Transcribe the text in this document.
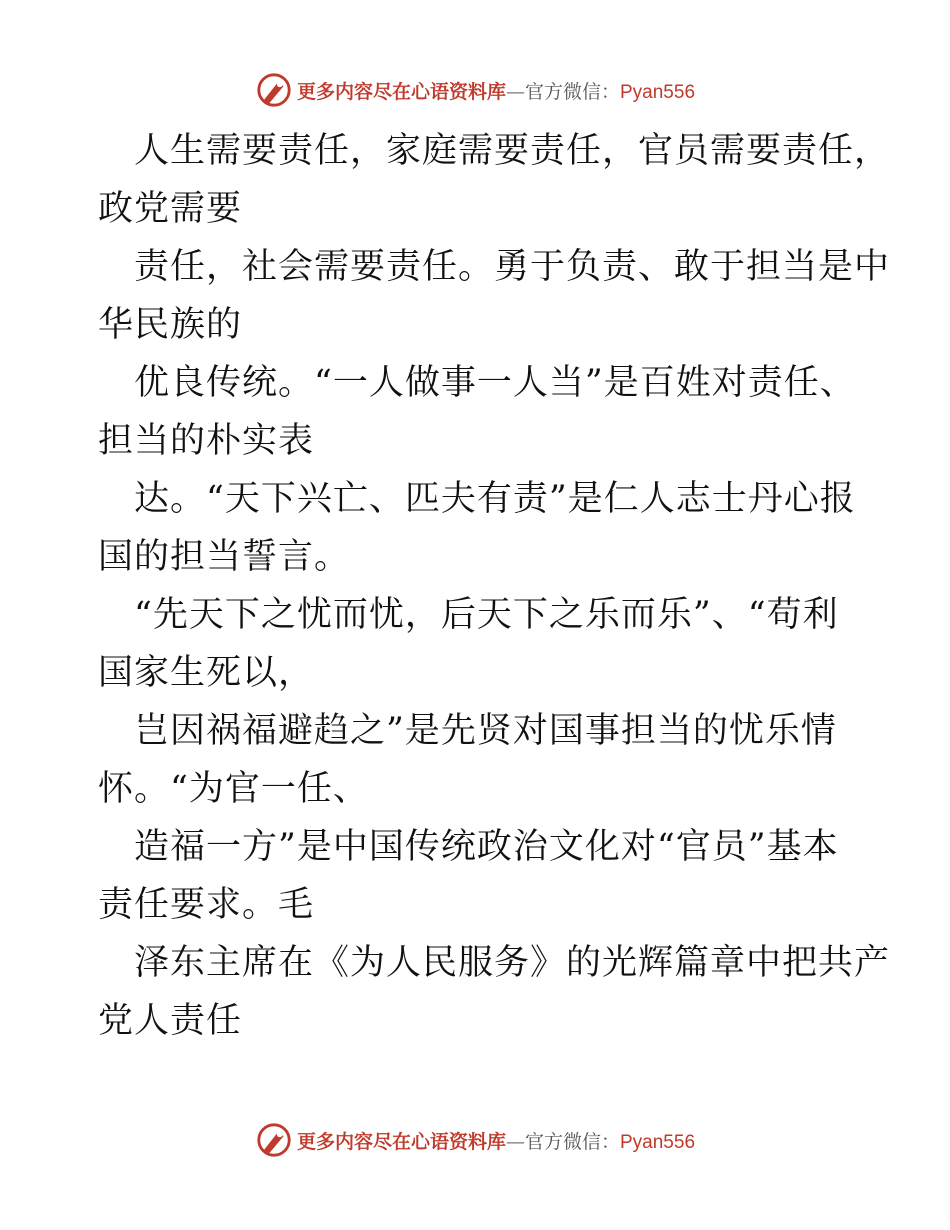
更多内容尽在心语资料库 — 官方微信： Pyan556
人生需要责任，家庭需要责任，官员需要责任，
政党需要
责任，社会需要责任。勇于负责、敢于担当是中
华民族的
优良传统。“一人做事一人当”是百姓对责任、
担当的朴实表
达。“天下兴亡、匹夫有责”是仁人志士丹心报
国的担当誓言。
“先天下之忧而忧，后天下之乐而乐”、“苟利
国家生死以，
岂因祸福避趋之”是先贤对国事担当的忧乐情
怀。“为官一任、
造福一方”是中国传统政治文化对“官员”基本
责任要求。毛
泽东主席在《为人民服务》的光辉篇章中把共产
党人责任
更多内容尽在心语资料库 — 官方微信： Pyan556
